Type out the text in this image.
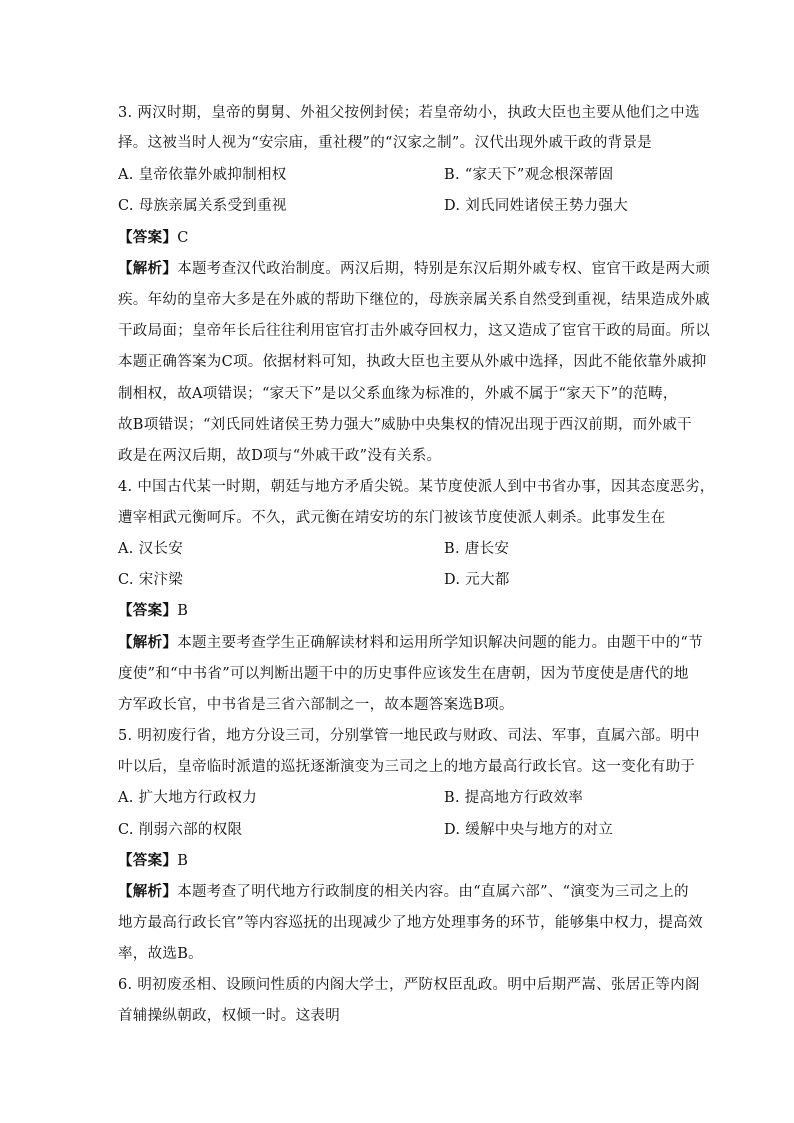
3. 两汉时期，皇帝的舅舅、外祖父按例封侯；若皇帝幼小，执政大臣也主要从他们之中选
择。这被当时人视为“安宗庙，重社稷”的“汉家之制”。汉代出现外戚干政的背景是
A. 皇帝依靠外戚抑制相权	B. “家天下”观念根深蒂固
C. 母族亲属关系受到重视	D. 刘氏同姓诸侯王势力强大
【答案】C
【解析】本题考查汉代政治制度。两汉后期，特别是东汉后期外戚专权、宦官干政是两大顽
疾。年幼的皇帝大多是在外戚的帮助下继位的，母族亲属关系自然受到重视，结果造成外戚
干政局面；皇帝年长后往往利用宦官打击外戚夺回权力，这又造成了宦官干政的局面。所以
本题正确答案为C项。依据材料可知，执政大臣也主要从外戚中选择，因此不能依靠外戚抑
制相权，故A项错误；“家天下”是以父系血缘为标准的，外戚不属于“家天下”的范畴，
故B项错误；“刘氏同姓诸侯王势力强大”威胁中央集权的情况出现于西汉前期，而外戚干
政是在两汉后期，故D项与“外戚干政”没有关系。
4. 中国古代某一时期，朝廷与地方矛盾尖锐。某节度使派人到中书省办事，因其态度恶劣，
遭宰相武元衡呵斥。不久，武元衡在靖安坊的东门被该节度使派人刺杀。此事发生在
A. 汉长安	B. 唐长安
C. 宋汴梁	D. 元大都
【答案】B
【解析】本题主要考查学生正确解读材料和运用所学知识解决问题的能力。由题干中的“节
度使”和“中书省”可以判断出题干中的历史事件应该发生在唐朝，因为节度使是唐代的地
方军政长官，中书省是三省六部制之一，故本题答案选B项。
5. 明初废行省，地方分设三司，分别掌管一地民政与财政、司法、军事，直属六部。明中
叶以后，皇帝临时派遣的巡抚逐渐演变为三司之上的地方最高行政长官。这一变化有助于
A. 扩大地方行政权力	B. 提高地方行政效率
C. 削弱六部的权限	D. 缓解中央与地方的对立
【答案】B
【解析】本题考查了明代地方行政制度的相关内容。由“直属六部”、“演变为三司之上的
地方最高行政长官”等内容巡抚的出现减少了地方处理事务的环节，能够集中权力，提高效
率，故选B。
6. 明初废丞相、设顾问性质的内阁大学士，严防权臣乱政。明中后期严嵩、张居正等内阁
首辅操纵朝政，权倾一时。这表明
